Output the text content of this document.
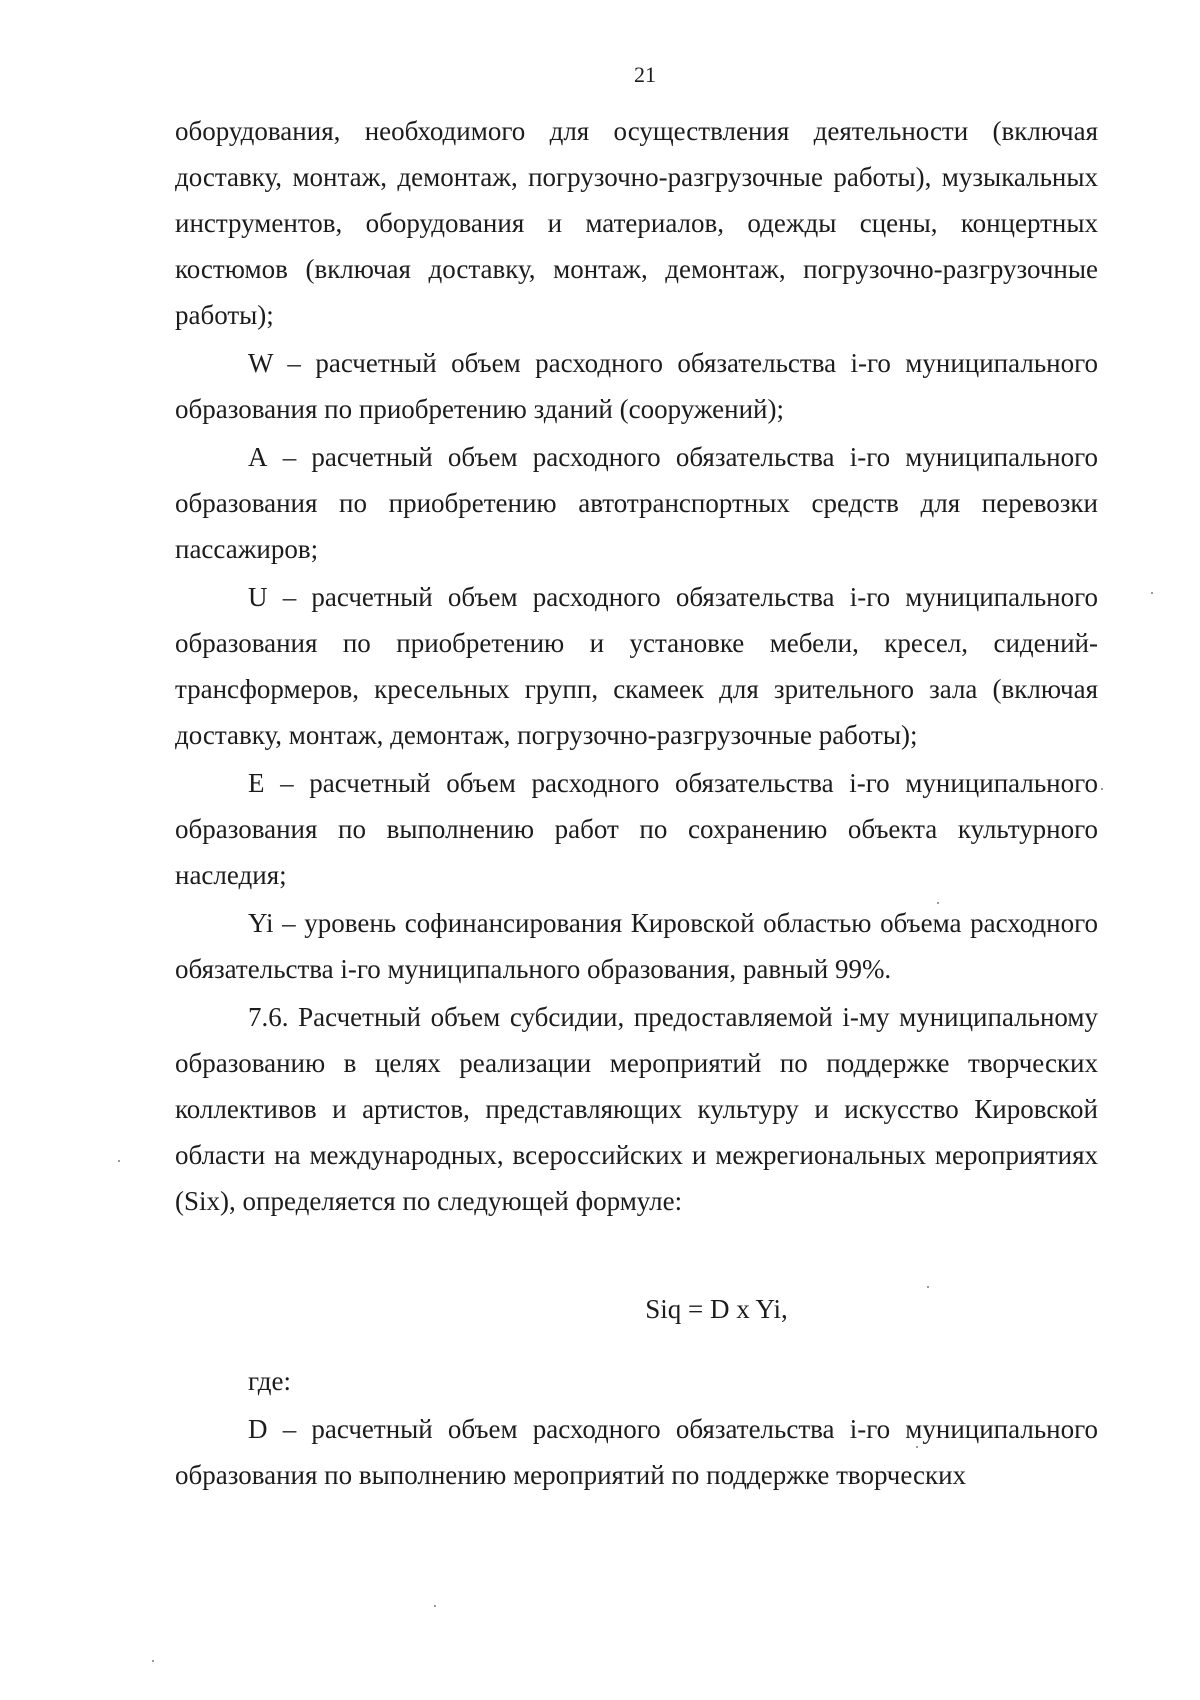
21

оборудования, необходимого для осуществления деятельности (включая доставку, монтаж, демонтаж, погрузочно-разгрузочные работы), музыкальных инструментов, оборудования и материалов, одежды сцены, концертных костюмов (включая доставку, монтаж, демонтаж, погрузочно-разгрузочные работы);

W – расчетный объем расходного обязательства i-го муниципального образования по приобретению зданий (сооружений);

А – расчетный объем расходного обязательства i-го муниципального образования по приобретению автотранспортных средств для перевозки пассажиров;

U – расчетный объем расходного обязательства i-го муниципального образования по приобретению и установке мебели, кресел, сидений-трансформеров, кресельных групп, скамеек для зрительного зала (включая доставку, монтаж, демонтаж, погрузочно-разгрузочные работы);

Е – расчетный объем расходного обязательства i-го муниципального образования по выполнению работ по сохранению объекта культурного наследия;

Yi – уровень софинансирования Кировской областью объема расходного обязательства i-го муниципального образования, равный 99%.

7.6. Расчетный объем субсидии, предоставляемой i-му муниципальному образованию в целях реализации мероприятий по поддержке творческих коллективов и артистов, представляющих культуру и искусство Кировской области на международных, всероссийских и межрегиональных мероприятиях (Six), определяется по следующей формуле:

Siq = D x Yi,

где:

D – расчетный объем расходного обязательства i-го муниципального образования по выполнению мероприятий по поддержке творческих
